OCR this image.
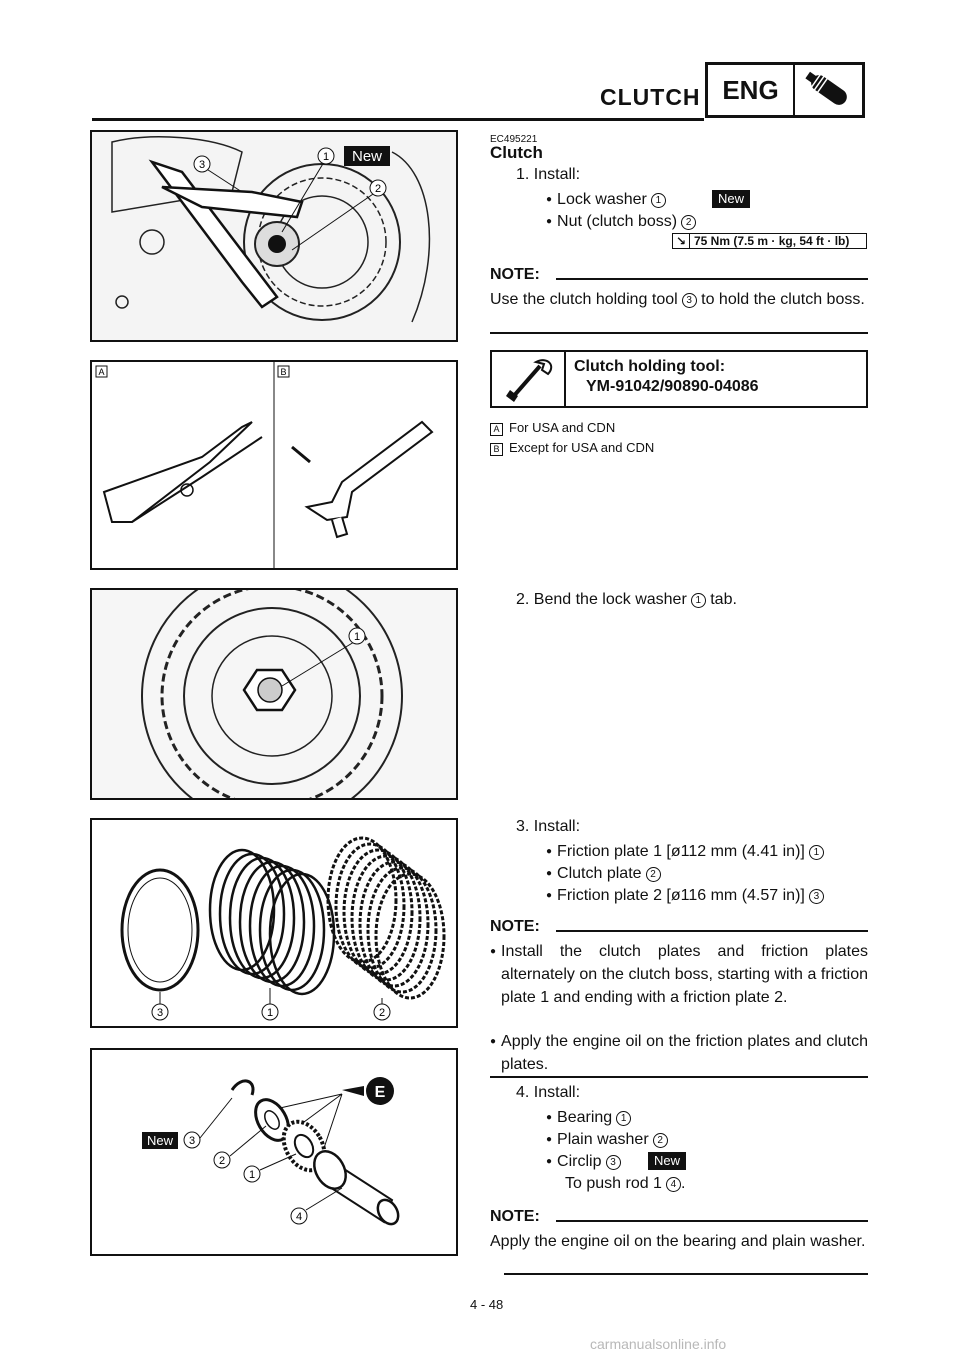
CLUTCH ENG
3
1 New
2
A	B
1
3	1	2
E
New 3
2
1
4
EC495221
Clutch
1. Install:
● Lock washer 1	New
● Nut (clutch boss) 2
↘ 75 Nm (7.5 m · kg, 54 ft · lb)
NOTE:
Use the clutch holding tool 3 to hold the clutch boss.
Clutch holding tool:
YM-91042/90890-04086
A For USA and CDN
B Except for USA and CDN
2. Bend the lock washer 1 tab.
3. Install:
● Friction plate 1 [ø112 mm (4.41 in)] 1
● Clutch plate 2
● Friction plate 2 [ø116 mm (4.57 in)] 3
NOTE:
● Install the clutch plates and friction plates alternately on the clutch boss, starting with a friction plate 1 and ending with a friction plate 2.
● Apply the engine oil on the friction plates and clutch plates.
4. Install:
● Bearing 1
● Plain washer 2
● Circlip 3	New
To push rod 1 4 .
NOTE:
Apply the engine oil on the bearing and plain washer.
4 - 48
carmanualsonline.info
